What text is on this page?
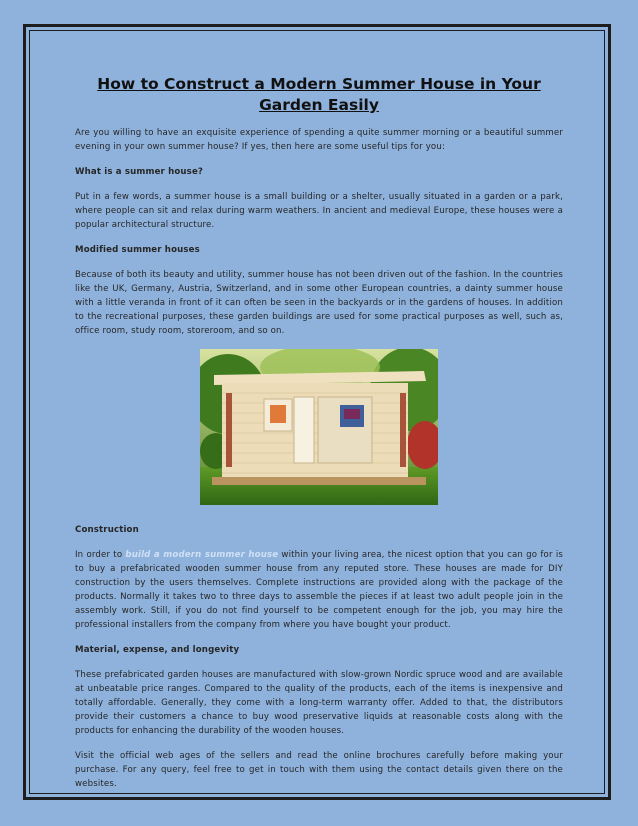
How to Construct a Modern Summer House in Your Garden Easily

Are you willing to have an exquisite experience of spending a quite summer morning or a beautiful summer evening in your own summer house? If yes, then here are some useful tips for you:

What is a summer house?

Put in a few words, a summer house is a small building or a shelter, usually situated in a garden or a park, where people can sit and relax during warm weathers. In ancient and medieval Europe, these houses were a popular architectural structure.

Modified summer houses

Because of both its beauty and utility, summer house has not been driven out of the fashion. In the countries like the UK, Germany, Austria, Switzerland, and in some other European countries, a dainty summer house with a little veranda in front of it can often be seen in the backyards or in the gardens of houses. In addition to the recreational purposes, these garden buildings are used for some practical purposes as well, such as, office room, study room, storeroom, and so on.

Construction

In order to build a modern summer house within your living area, the nicest option that you can go for is to buy a prefabricated wooden summer house from any reputed store. These houses are made for DIY construction by the users themselves. Complete instructions are provided along with the package of the products. Normally it takes two to three days to assemble the pieces if at least two adult people join in the assembly work. Still, if you do not find yourself to be competent enough for the job, you may hire the professional installers from the company from where you have bought your product.

Material, expense, and longevity

These prefabricated garden houses are manufactured with slow-grown Nordic spruce wood and are available at unbeatable price ranges. Compared to the quality of the products, each of the items is inexpensive and totally affordable. Generally, they come with a long-term warranty offer. Added to that, the distributors provide their customers a chance to buy wood preservative liquids at reasonable costs along with the products for enhancing the durability of the wooden houses.

Visit the official web ages of the sellers and read the online brochures carefully before making your purchase. For any query, feel free to get in touch with them using the contact details given there on the websites.
